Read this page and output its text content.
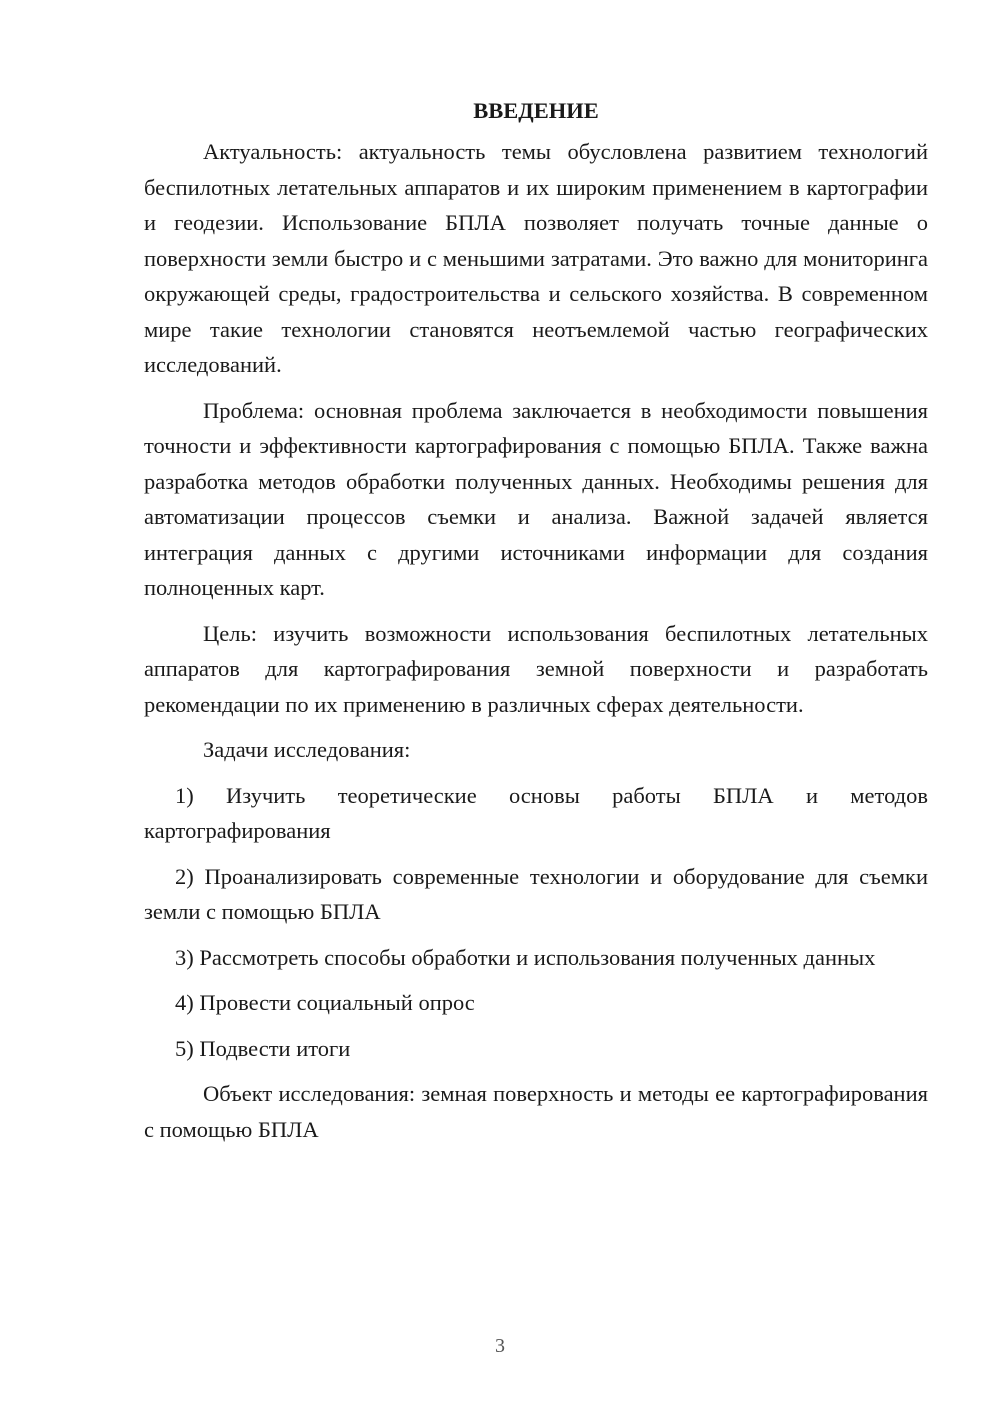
ВВЕДЕНИЕ

Актуальность: актуальность темы обусловлена развитием технологий беспилотных летательных аппаратов и их широким применением в картографии и геодезии. Использование БПЛА позволяет получать точные данные о поверхности земли быстро и с меньшими затратами. Это важно для мониторинга окружающей среды, градостроительства и сельского хозяйства. В современном мире такие технологии становятся неотъемлемой частью географических исследований.

Проблема: основная проблема заключается в необходимости повышения точности и эффективности картографирования с помощью БПЛА. Также важна разработка методов обработки полученных данных. Необходимы решения для автоматизации процессов съемки и анализа. Важной задачей является интеграция данных с другими источниками информации для создания полноценных карт.

Цель: изучить возможности использования беспилотных летательных аппаратов для картографирования земной поверхности и разработать рекомендации по их применению в различных сферах деятельности.

Задачи исследования:

1) Изучить теоретические основы работы БПЛА и методов картографирования

2) Проанализировать современные технологии и оборудование для съемки земли с помощью БПЛА

3) Рассмотреть способы обработки и использования полученных данных

4) Провести социальный опрос

5) Подвести итоги

Объект исследования: земная поверхность и методы ее картографирования с помощью БПЛА

3
